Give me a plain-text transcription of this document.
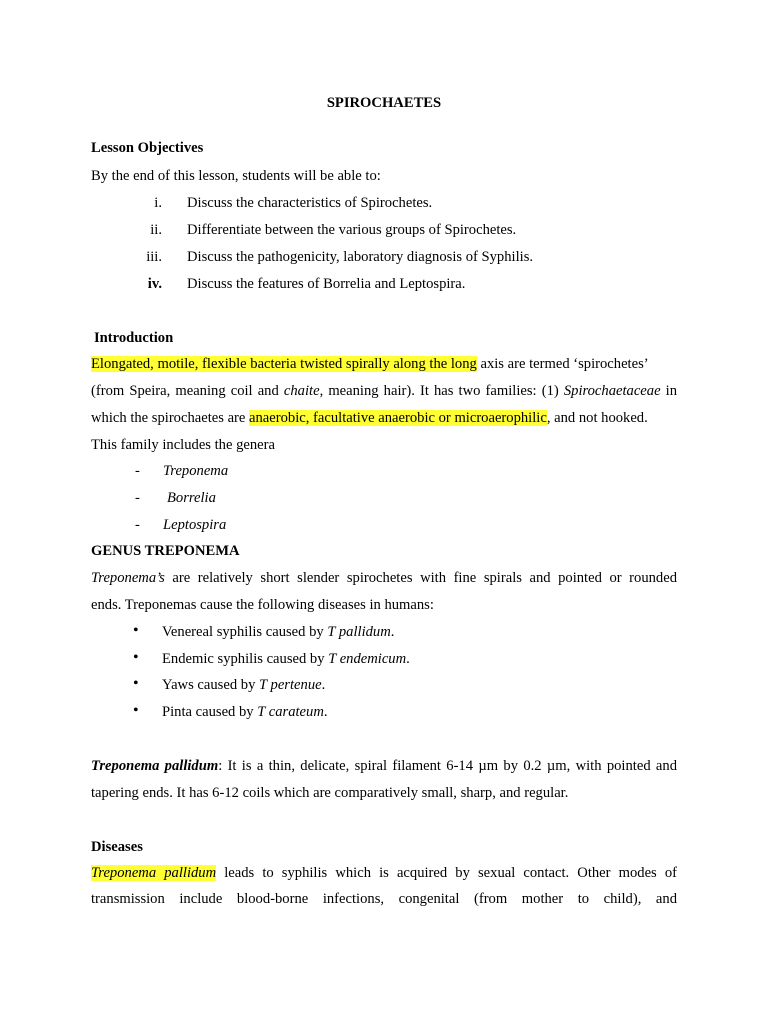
SPIROCHAETES
Lesson Objectives
By the end of this lesson, students will be able to:
i. Discuss the characteristics of Spirochetes.
ii. Differentiate between the various groups of Spirochetes.
iii. Discuss the pathogenicity, laboratory diagnosis of Syphilis.
iv. Discuss the features of Borrelia and Leptospira.
Introduction
Elongated, motile, flexible bacteria twisted spirally along the long axis are termed ‘spirochetes’
(from Speira, meaning coil and chaite, meaning hair). It has two families: (1) Spirochaetaceae in
which the spirochaetes are anaerobic, facultative anaerobic or microaerophilic, and not hooked.
This family includes the genera
- Treponema
- Borrelia
- Leptospira
GENUS TREPONEMA
Treponema’s are relatively short slender spirochetes with fine spirals and pointed or rounded
ends. Treponemas cause the following diseases in humans:
• Venereal syphilis caused by T pallidum.
• Endemic syphilis caused by T endemicum.
• Yaws caused by T pertenue.
• Pinta caused by T carateum.
Treponema pallidum: It is a thin, delicate, spiral filament 6-14 µm by 0.2 µm, with pointed and
tapering ends. It has 6-12 coils which are comparatively small, sharp, and regular.
Diseases
Treponema pallidum leads to syphilis which is acquired by sexual contact. Other modes of
transmission include blood-borne infections, congenital (from mother to child), and
